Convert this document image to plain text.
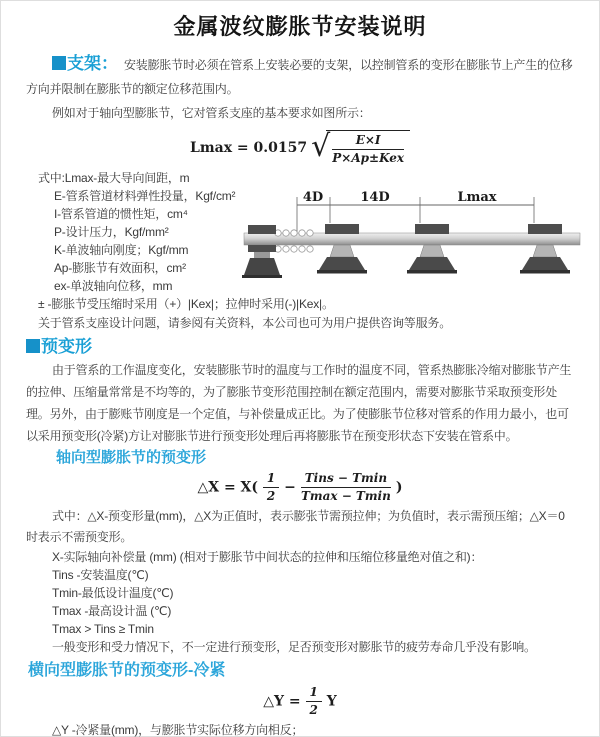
金属波纹膨胀节安装说明

支架： 安装膨胀节时必须在管系上安装必要的支架，以控制管系的变形在膨胀节上产生的位移方向并限制在膨胀节的额定位移范围内。

例如对于轴向型膨胀节，它对管系支座的基本要求如图所示：

Lmax = 0.0157 √ $\frac{E\times I}{\text{P×Ap±Kex}}$
式中:Lmax-最大导向间距，m
E-管系管道材料弹性投量，Kgf/cm²
I-管系管道的惯性矩，cm⁴
P-设计压力，Kgf/mm²
K-单波轴向刚度；Kgf/mm
Ap-膨胀节有效面积，cm²
ex-单波轴向位移，mm
4D	14D	Lmax
± -膨胀节受压缩时采用（+）|Kex|；拉伸时采用(-)|Kex|。
关于管系支座设计问题，请参阅有关资料，本公司也可为用户提供咨询等服务。
预变形

由于管系的工作温度变化，安装膨胀节时的温度与工作时的温度不同，管系热膨胀冷缩对膨胀节产生的拉伸、压缩量常常是不均等的，为了膨胀节变形范围控制在额定范围内，需要对膨胀节采取预变形处理。另外，由于膨账节刚度是一个定值，与补偿量成正比。为了使膨胀节位移对管系的作用力最小，也可以采用预变形(冷紧)方让对膨胀节进行预变形处理后再将膨胀节在预变形状态下安装在管系中。

轴向型膨胀节的预变形
△X = $X( \frac{1}{2} - \frac{\text{Tins − Tmin}}{Tmax - Tmin}$ )

式中：△X-预变形量(mm)，△X为正值时，表示膨张节需预拉伸；为负值时，表示需预压缩；△X＝0时表示不需预变形。

X-实际轴向补偿量 (mm) (相对于膨胀节中间状态的拉伸和压缩位移量绝对值之和)：
Tins -安装温度(℃)
Tmin-最低设计温度(℃)
Tmax -最高设计温 (℃)
Tmax > Tins ≥ Tmin
一般变形和受力情况下，不一定进行预变形，足否预变形对膨胀节的疲劳寿命几乎没有影响。
横向型膨胀节的预变形-冷紧
△Y = $\frac{1}{2}$ Y
△Y -冷紧量(mm)，与膨胀节实际位移方向相反；
